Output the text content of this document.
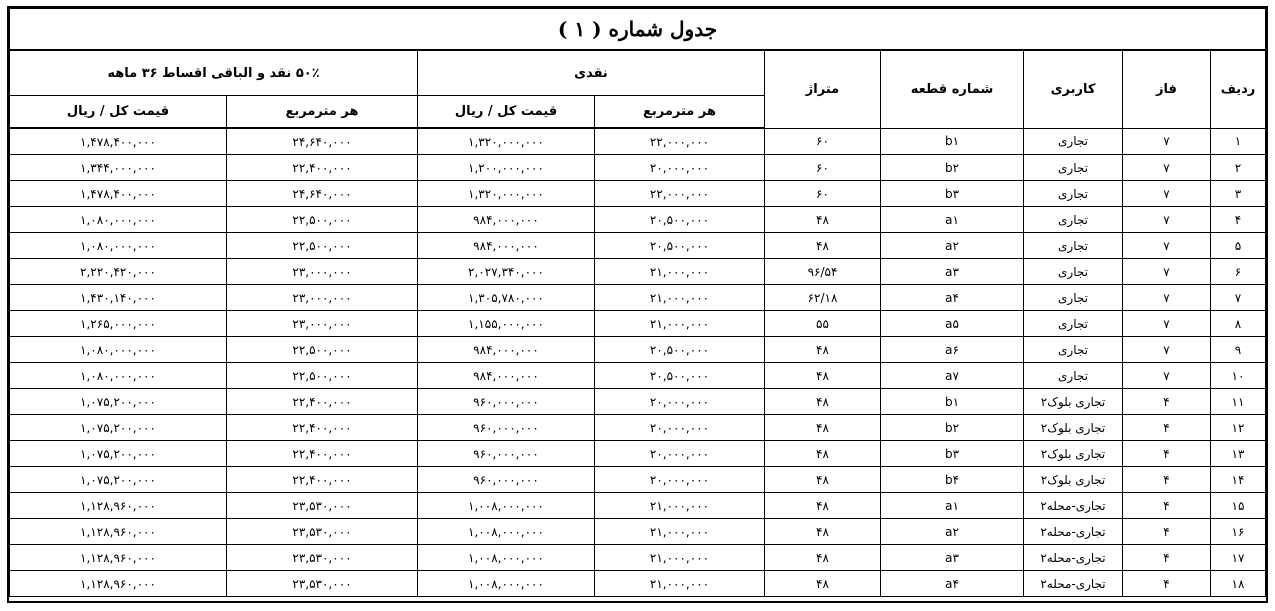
جدول شماره ( ۱ )								
ردیف	فاز	کاربری	شماره قطعه	متراژ	نقدی		۵۰٪ نقد و الباقی اقساط ۳۶ ماهه	
					هر مترمربع	قیمت کل / ریال	هر مترمربع	قیمت کل / ریال
۱	۷	تجاری	b۱	۶۰	۲۲,۰۰۰,۰۰۰	۱,۳۲۰,۰۰۰,۰۰۰	۲۴,۶۴۰,۰۰۰	۱,۴۷۸,۴۰۰,۰۰۰
۲	۷	تجاری	b۲	۶۰	۲۰,۰۰۰,۰۰۰	۱,۲۰۰,۰۰۰,۰۰۰	۲۲,۴۰۰,۰۰۰	۱,۳۴۴,۰۰۰,۰۰۰
۳	۷	تجاری	b۳	۶۰	۲۲,۰۰۰,۰۰۰	۱,۳۲۰,۰۰۰,۰۰۰	۲۴,۶۴۰,۰۰۰	۱,۴۷۸,۴۰۰,۰۰۰
۴	۷	تجاری	a۱	۴۸	۲۰,۵۰۰,۰۰۰	۹۸۴,۰۰۰,۰۰۰	۲۲,۵۰۰,۰۰۰	۱,۰۸۰,۰۰۰,۰۰۰
۵	۷	تجاری	a۲	۴۸	۲۰,۵۰۰,۰۰۰	۹۸۴,۰۰۰,۰۰۰	۲۲,۵۰۰,۰۰۰	۱,۰۸۰,۰۰۰,۰۰۰
۶	۷	تجاری	a۳	۹۶/۵۴	۲۱,۰۰۰,۰۰۰	۲,۰۲۷,۳۴۰,۰۰۰	۲۳,۰۰۰,۰۰۰	۲,۲۲۰,۴۲۰,۰۰۰
۷	۷	تجاری	a۴	۶۲/۱۸	۲۱,۰۰۰,۰۰۰	۱,۳۰۵,۷۸۰,۰۰۰	۲۳,۰۰۰,۰۰۰	۱,۴۳۰,۱۴۰,۰۰۰
۸	۷	تجاری	a۵	۵۵	۲۱,۰۰۰,۰۰۰	۱,۱۵۵,۰۰۰,۰۰۰	۲۳,۰۰۰,۰۰۰	۱,۲۶۵,۰۰۰,۰۰۰
۹	۷	تجاری	a۶	۴۸	۲۰,۵۰۰,۰۰۰	۹۸۴,۰۰۰,۰۰۰	۲۲,۵۰۰,۰۰۰	۱,۰۸۰,۰۰۰,۰۰۰
۱۰	۷	تجاری	a۷	۴۸	۲۰,۵۰۰,۰۰۰	۹۸۴,۰۰۰,۰۰۰	۲۲,۵۰۰,۰۰۰	۱,۰۸۰,۰۰۰,۰۰۰
۱۱	۴	تجاری بلوک۲	b۱	۴۸	۲۰,۰۰۰,۰۰۰	۹۶۰,۰۰۰,۰۰۰	۲۲,۴۰۰,۰۰۰	۱,۰۷۵,۲۰۰,۰۰۰
۱۲	۴	تجاری بلوک۲	b۲	۴۸	۲۰,۰۰۰,۰۰۰	۹۶۰,۰۰۰,۰۰۰	۲۲,۴۰۰,۰۰۰	۱,۰۷۵,۲۰۰,۰۰۰
۱۳	۴	تجاری بلوک۲	b۳	۴۸	۲۰,۰۰۰,۰۰۰	۹۶۰,۰۰۰,۰۰۰	۲۲,۴۰۰,۰۰۰	۱,۰۷۵,۲۰۰,۰۰۰
۱۴	۴	تجاری بلوک۲	b۴	۴۸	۲۰,۰۰۰,۰۰۰	۹۶۰,۰۰۰,۰۰۰	۲۲,۴۰۰,۰۰۰	۱,۰۷۵,۲۰۰,۰۰۰
۱۵	۴	تجاری-محله۲	a۱	۴۸	۲۱,۰۰۰,۰۰۰	۱,۰۰۸,۰۰۰,۰۰۰	۲۳,۵۳۰,۰۰۰	۱,۱۲۸,۹۶۰,۰۰۰
۱۶	۴	تجاری-محله۲	a۲	۴۸	۲۱,۰۰۰,۰۰۰	۱,۰۰۸,۰۰۰,۰۰۰	۲۳,۵۳۰,۰۰۰	۱,۱۲۸,۹۶۰,۰۰۰
۱۷	۴	تجاری-محله۲	a۳	۴۸	۲۱,۰۰۰,۰۰۰	۱,۰۰۸,۰۰۰,۰۰۰	۲۳,۵۳۰,۰۰۰	۱,۱۲۸,۹۶۰,۰۰۰
۱۸	۴	تجاری-محله۲	a۴	۴۸	۲۱,۰۰۰,۰۰۰	۱,۰۰۸,۰۰۰,۰۰۰	۲۳,۵۳۰,۰۰۰	۱,۱۲۸,۹۶۰,۰۰۰
